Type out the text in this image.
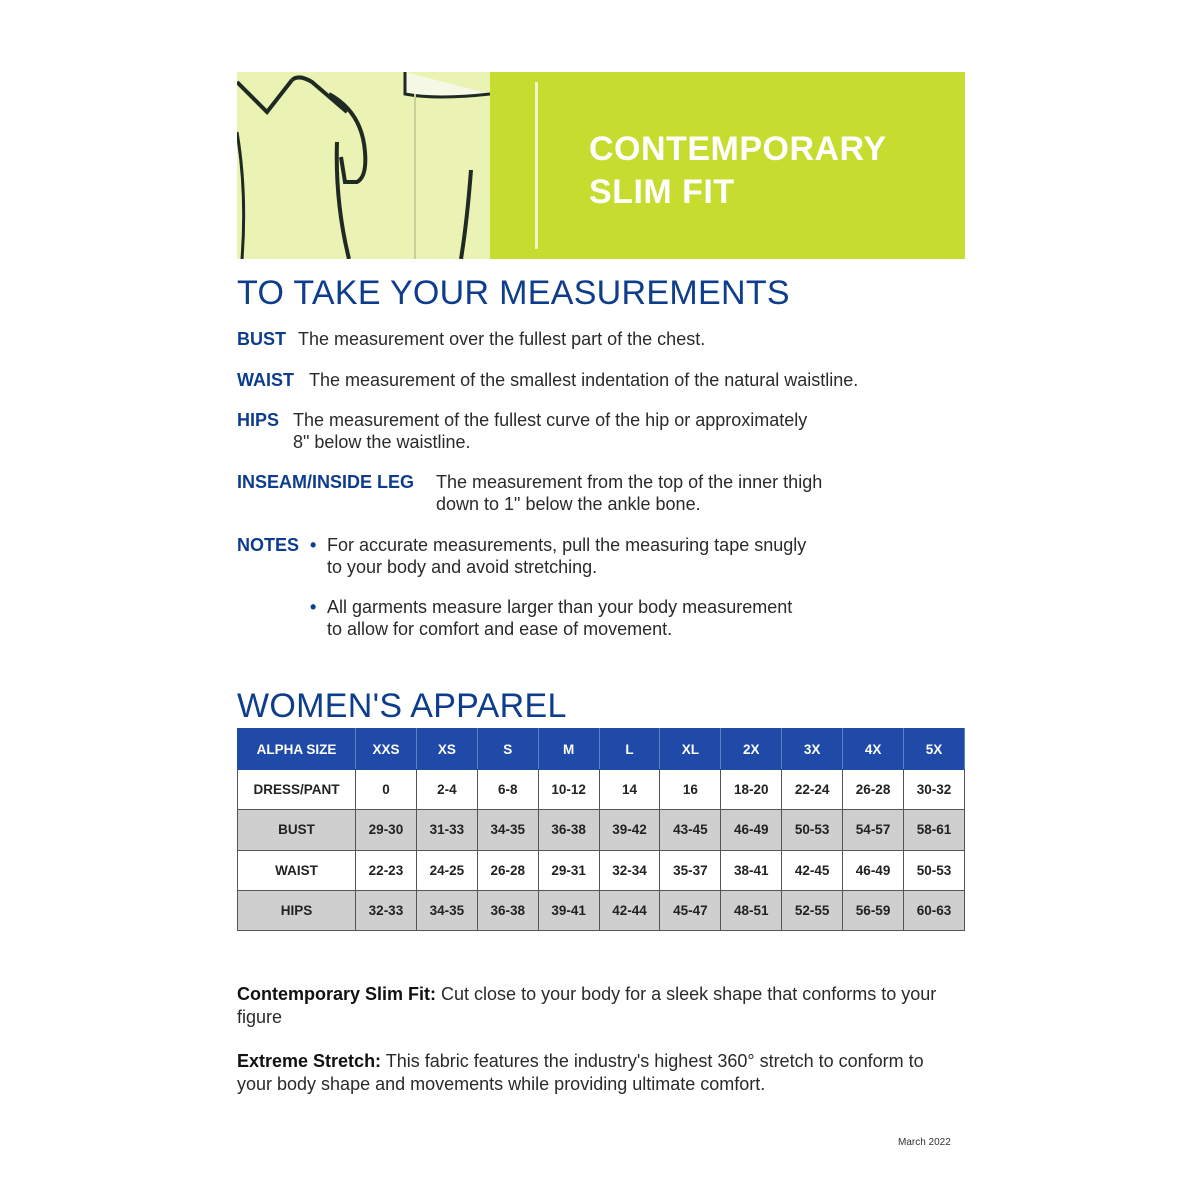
CONTEMPORARY
SLIM FIT
TO TAKE YOUR MEASUREMENTS
BUST The measurement over the fullest part of the chest.
WAIST The measurement of the smallest indentation of the natural waistline.
HIPS The measurement of the fullest curve of the hip or approximately
8" below the waistline.
INSEAM/INSIDE LEG The measurement from the top of the inner thigh
down to 1" below the ankle bone.
NOTES • For accurate measurements, pull the measuring tape snugly
to your body and avoid stretching.
• All garments measure larger than your body measurement
to allow for comfort and ease of movement.
WOMEN'S APPAREL
ALPHA SIZE	XXS	XS	S	M	L	XL	2X	3X	4X	5X
DRESS/PANT	0	2-4	6-8	10-12	14	16	18-20	22-24	26-28	30-32
BUST	29-30	31-33	34-35	36-38	39-42	43-45	46-49	50-53	54-57	58-61
WAIST	22-23	24-25	26-28	29-31	32-34	35-37	38-41	42-45	46-49	50-53
HIPS	32-33	34-35	36-38	39-41	42-44	45-47	48-51	52-55	56-59	60-63
Contemporary Slim Fit: Cut close to your body for a sleek shape that conforms to your figure
Extreme Stretch: This fabric features the industry's highest 360° stretch to conform to your body shape and movements while providing ultimate comfort.
March 2022
